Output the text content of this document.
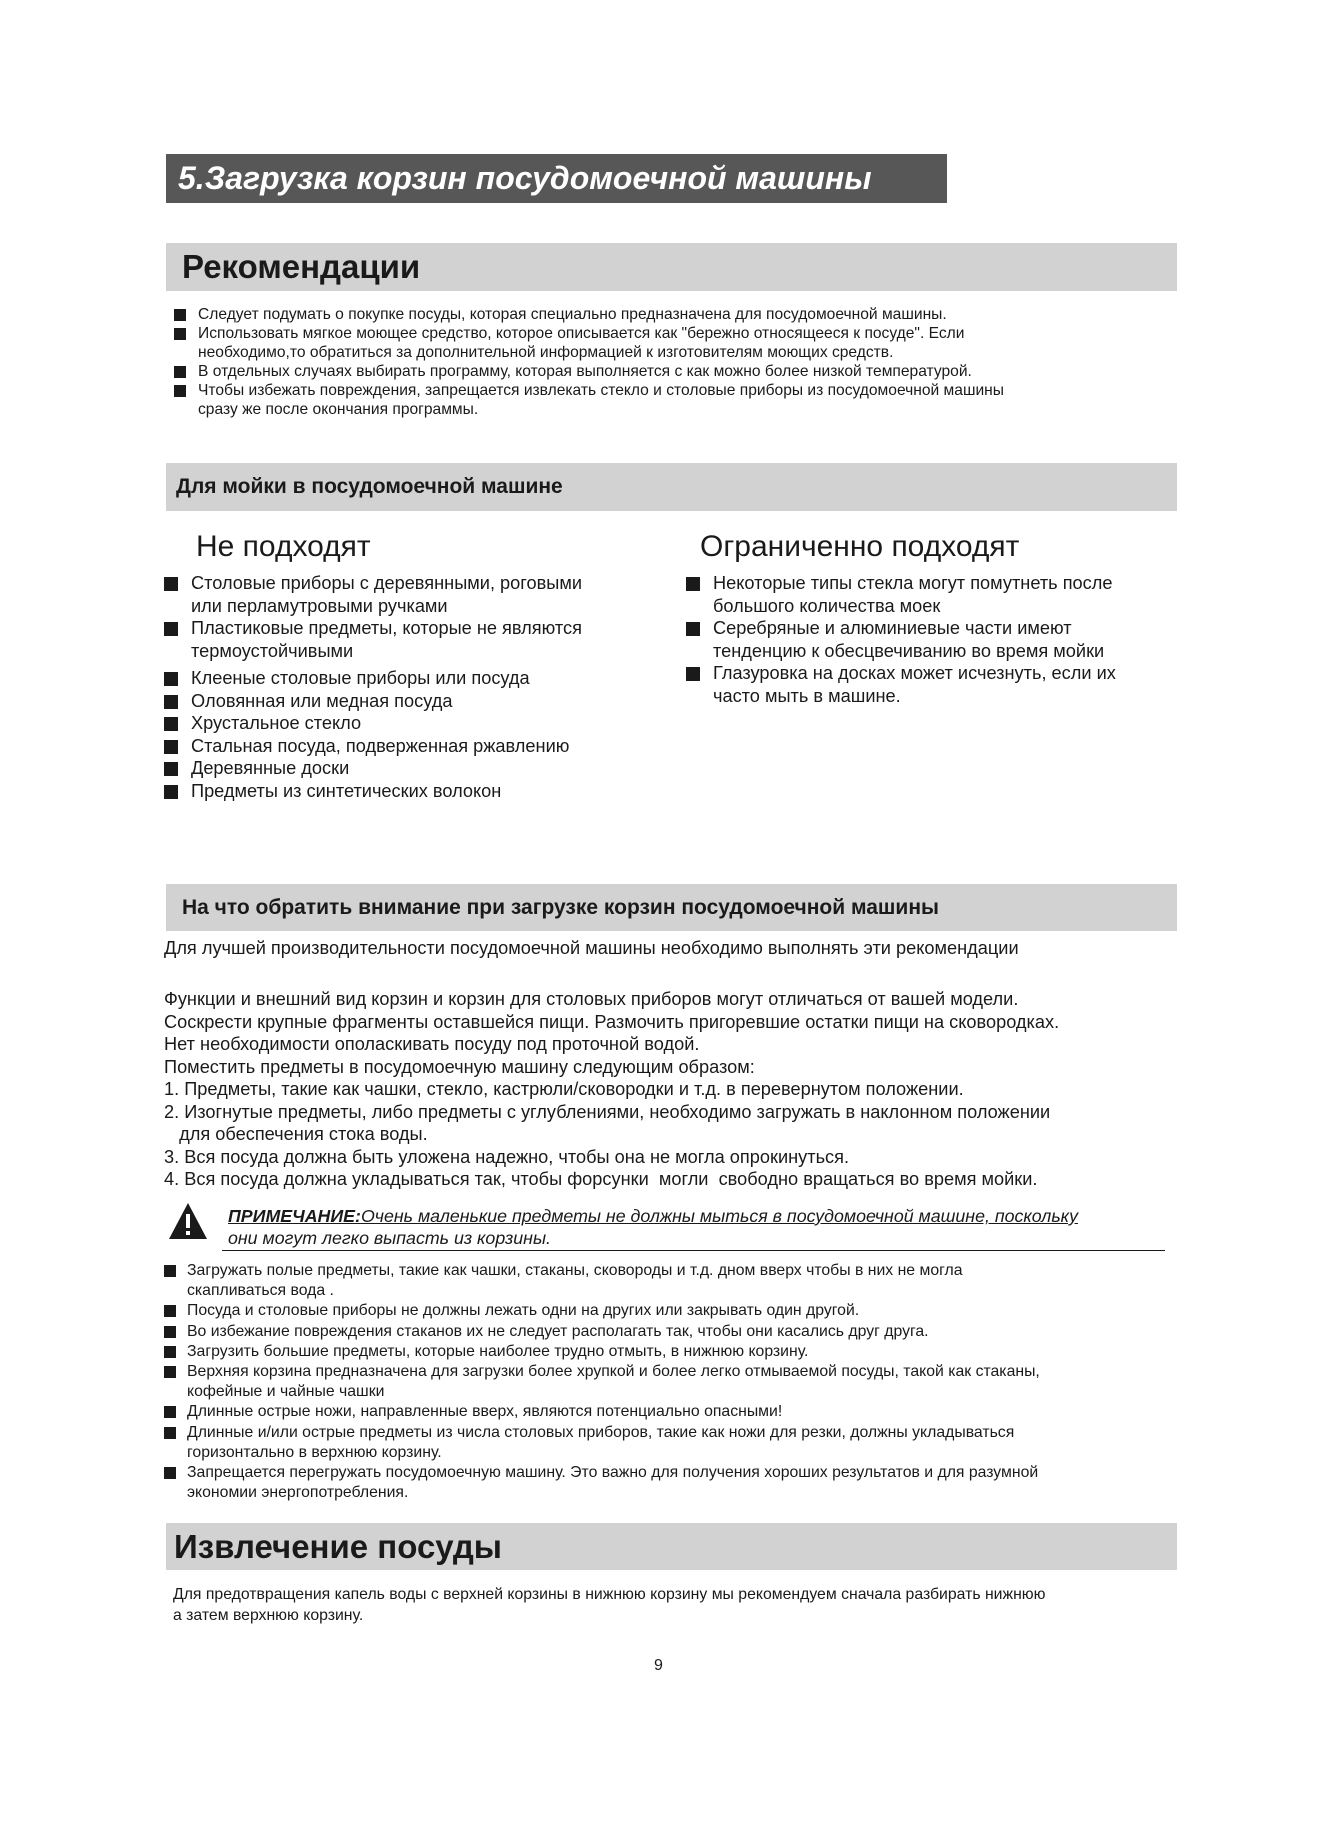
5.Загрузка корзин посудомоечной машины
Рекомендации
Следует подумать о покупке посуды, которая специально предназначена для посудомоечной машины.
Использовать мягкое моющее средство, которое описывается как "бережно относящееся к посуде". Если
необходимо,то обратиться за дополнительной информацией к изготовителям моющих средств.
В отдельных случаях выбирать программу, которая выполняется с как можно более низкой температурой.
Чтобы избежать повреждения, запрещается извлекать стекло и столовые приборы из посудомоечной машины
сразу же после окончания программы.
Для мойки в посудомоечной машине
Не подходят	Ограниченно подходят
Столовые приборы с деревянными, роговыми
или перламутровыми ручками
Пластиковые предметы, которые не являются
термоустойчивыми
Клееные столовые приборы или посуда
Оловянная или медная посуда
Хрустальное стекло
Стальная посуда, подверженная ржавлению
Деревянные доски
Предметы из синтетических волокон
Некоторые типы стекла могут помутнеть после
большого количества моек
Серебряные и алюминиевые части имеют
тенденцию к обесцвечиванию во время мойки
Глазуровка на досках может исчезнуть, если их
часто мыть в машине.
На что обратить внимание при загрузке корзин посудомоечной машины
Для лучшей производительности посудомоечной машины необходимо выполнять эти рекомендации
Функции и внешний вид корзин и корзин для столовых приборов могут отличаться от вашей модели.
Соскрести крупные фрагменты оставшейся пищи. Размочить пригоревшие остатки пищи на сковородках.
Нет необходимости ополаскивать посуду под проточной водой.
Поместить предметы в посудомоечную машину следующим образом:
1. Предметы, такие как чашки, стекло, кастрюли/сковородки и т.д. в перевернутом положении.
2. Изогнутые предметы, либо предметы с углублениями, необходимо загружать в наклонном положении
для обеспечения стока воды.
3. Вся посуда должна быть уложена надежно, чтобы она не могла опрокинуться.
4. Вся посуда должна укладываться так, чтобы форсунки  могли  свободно вращаться во время мойки.
ПРИМЕЧАНИЕ:Очень маленькие предметы не должны мыться в посудомоечной машине, поскольку
они могут легко выпасть из корзины.
Загружать полые предметы, такие как чашки, стаканы, сковороды и т.д. дном вверх чтобы в них не могла
скапливаться вода .
Посуда и столовые приборы не должны лежать одни на других или закрывать один другой.
Во избежание повреждения стаканов их не следует располагать так, чтобы они касались друг друга.
Загрузить большие предметы, которые наиболее трудно отмыть, в нижнюю корзину.
Верхняя корзина предназначена для загрузки более хрупкой и более легко отмываемой посуды, такой как стаканы,
кофейные и чайные чашки
Длинные острые ножи, направленные вверх, являются потенциально опасными!
Длинные и/или острые предметы из числа столовых приборов, такие как ножи для резки, должны укладываться
горизонтально в верхнюю корзину.
Запрещается перегружать посудомоечную машину. Это важно для получения хороших результатов и для разумной
экономии энергопотребления.
Извлечение посуды
Для предотвращения капель воды с верхней корзины в нижнюю корзину мы рекомендуем сначала разбирать нижнюю
а затем верхнюю корзину.
9
